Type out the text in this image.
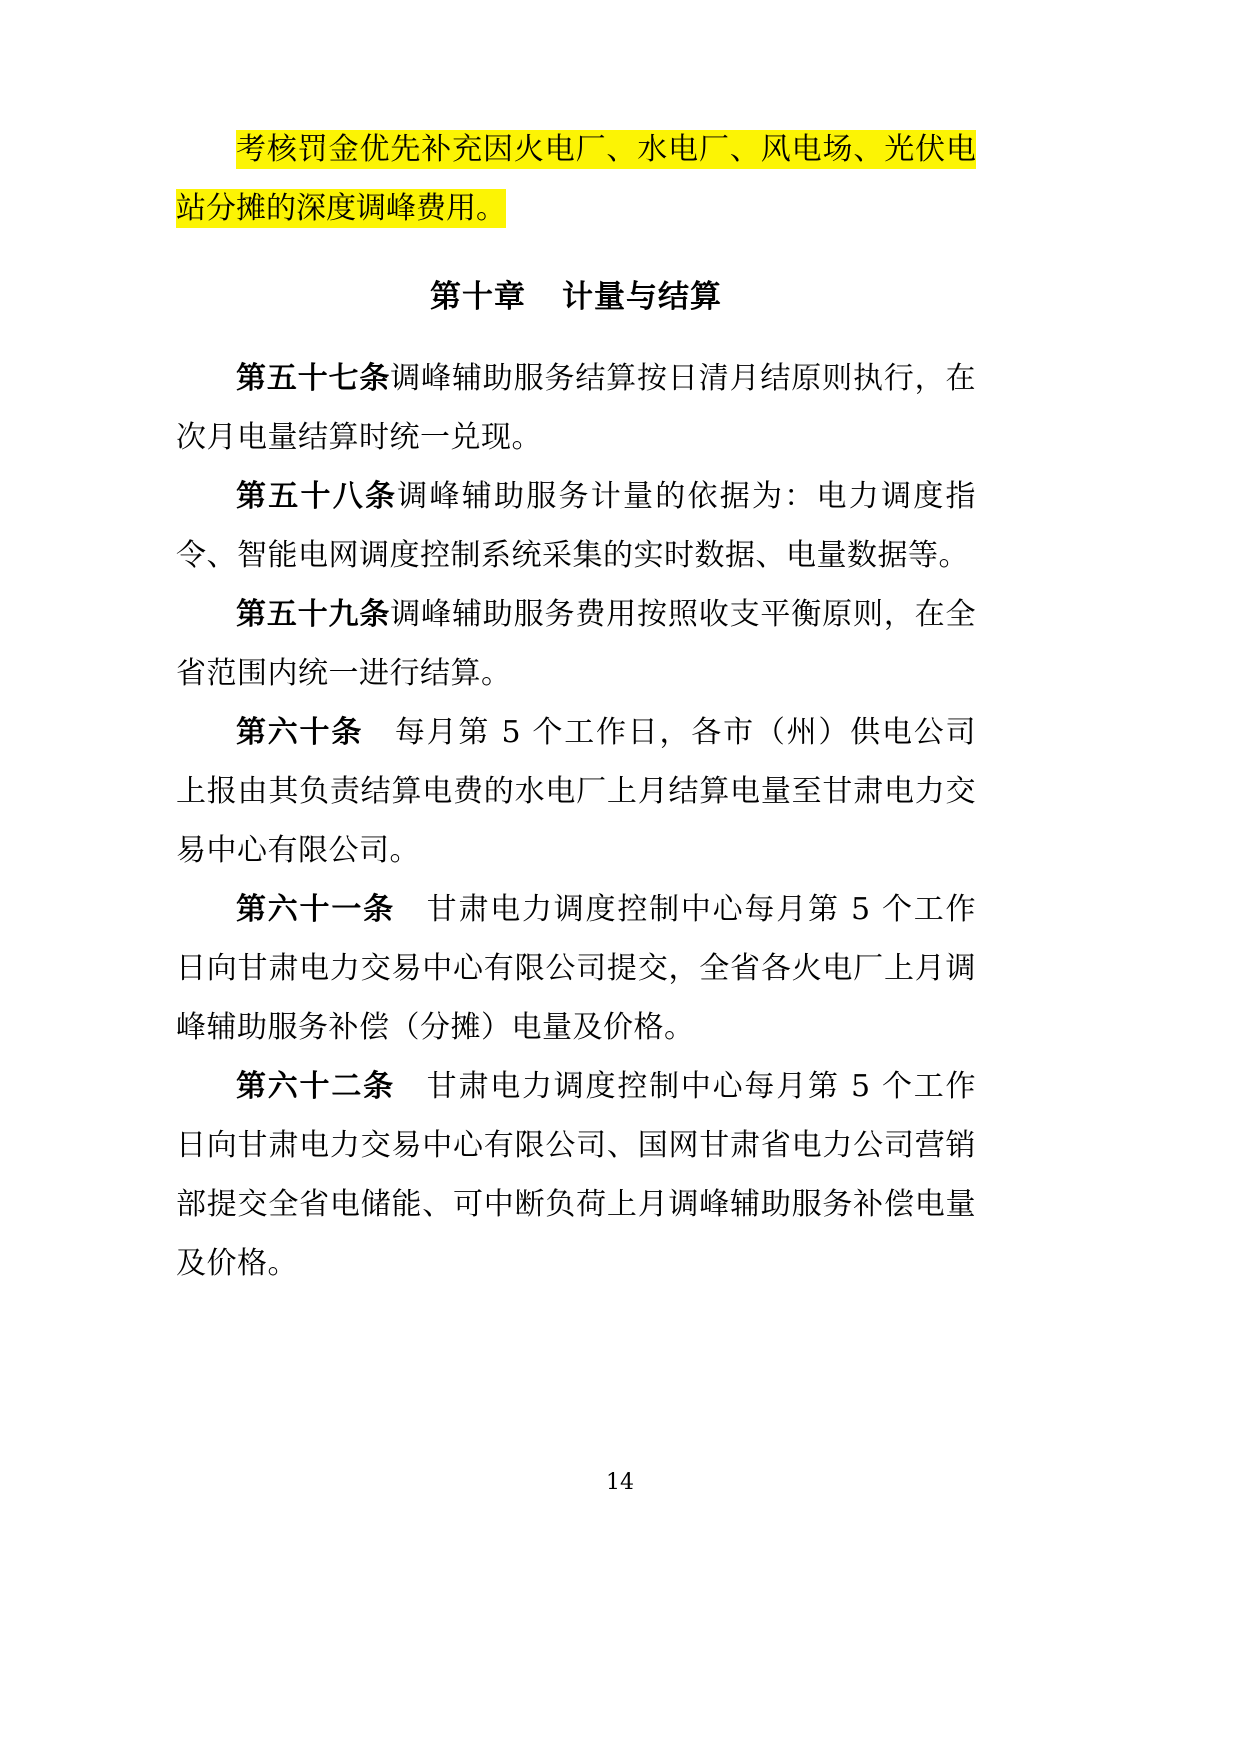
考核罚金优先补充因火电厂、水电厂、风电场、光伏电站分摊的深度调峰费用。

第十章 计量与结算

第五十七条调峰辅助服务结算按日清月结原则执行，在次月电量结算时统一兑现。

第五十八条调峰辅助服务计量的依据为：电力调度指令、智能电网调度控制系统采集的实时数据、电量数据等。

第五十九条调峰辅助服务费用按照收支平衡原则，在全省范围内统一进行结算。

第六十条　每月第 5 个工作日，各市（州）供电公司上报由其负责结算电费的水电厂上月结算电量至甘肃电力交易中心有限公司。

第六十一条　甘肃电力调度控制中心每月第 5 个工作日向甘肃电力交易中心有限公司提交，全省各火电厂上月调峰辅助服务补偿（分摊）电量及价格。

第六十二条　甘肃电力调度控制中心每月第 5 个工作日向甘肃电力交易中心有限公司、国网甘肃省电力公司营销部提交全省电储能、可中断负荷上月调峰辅助服务补偿电量及价格。

14
